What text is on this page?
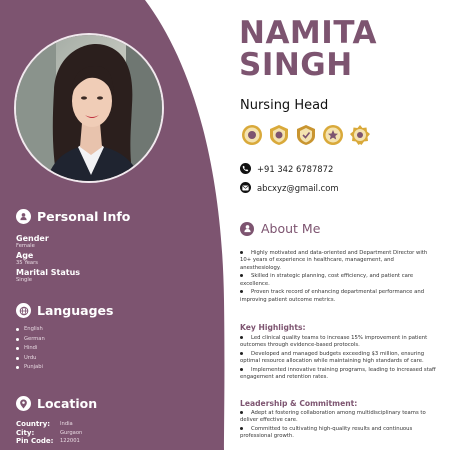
Personal Info
Gender
Female
Age
35 Years
Marital Status
Single
Languages
English
German
Hindi
Urdu
Punjabi
Location
Country:	India
City:	Gurgaon
Pin Code:	122001
NAMITA
SINGH
Nursing Head
+91 342 6787872
abcxyz@gmail.com
About Me

Highly motivated and data-oriented and Department Director with 10+ years of experience in healthcare, management, and anesthesiology.

Skilled in strategic planning, cost efficiency, and patient care excellence.

Proven track record of enhancing departmental performance and improving patient outcome metrics.

Key Highlights:

Led clinical quality teams to increase 15% improvement in patient outcomes through evidence-based protocols.

Developed and managed budgets exceeding $3 million, ensuring optimal resource allocation while maintaining high standards of care.

Implemented innovative training programs, leading to increased staff engagement and retention rates.

Leadership & Commitment:

Adept at fostering collaboration among multidisciplinary teams to deliver effective care.

Committed to cultivating high-quality results and continuous professional growth.
